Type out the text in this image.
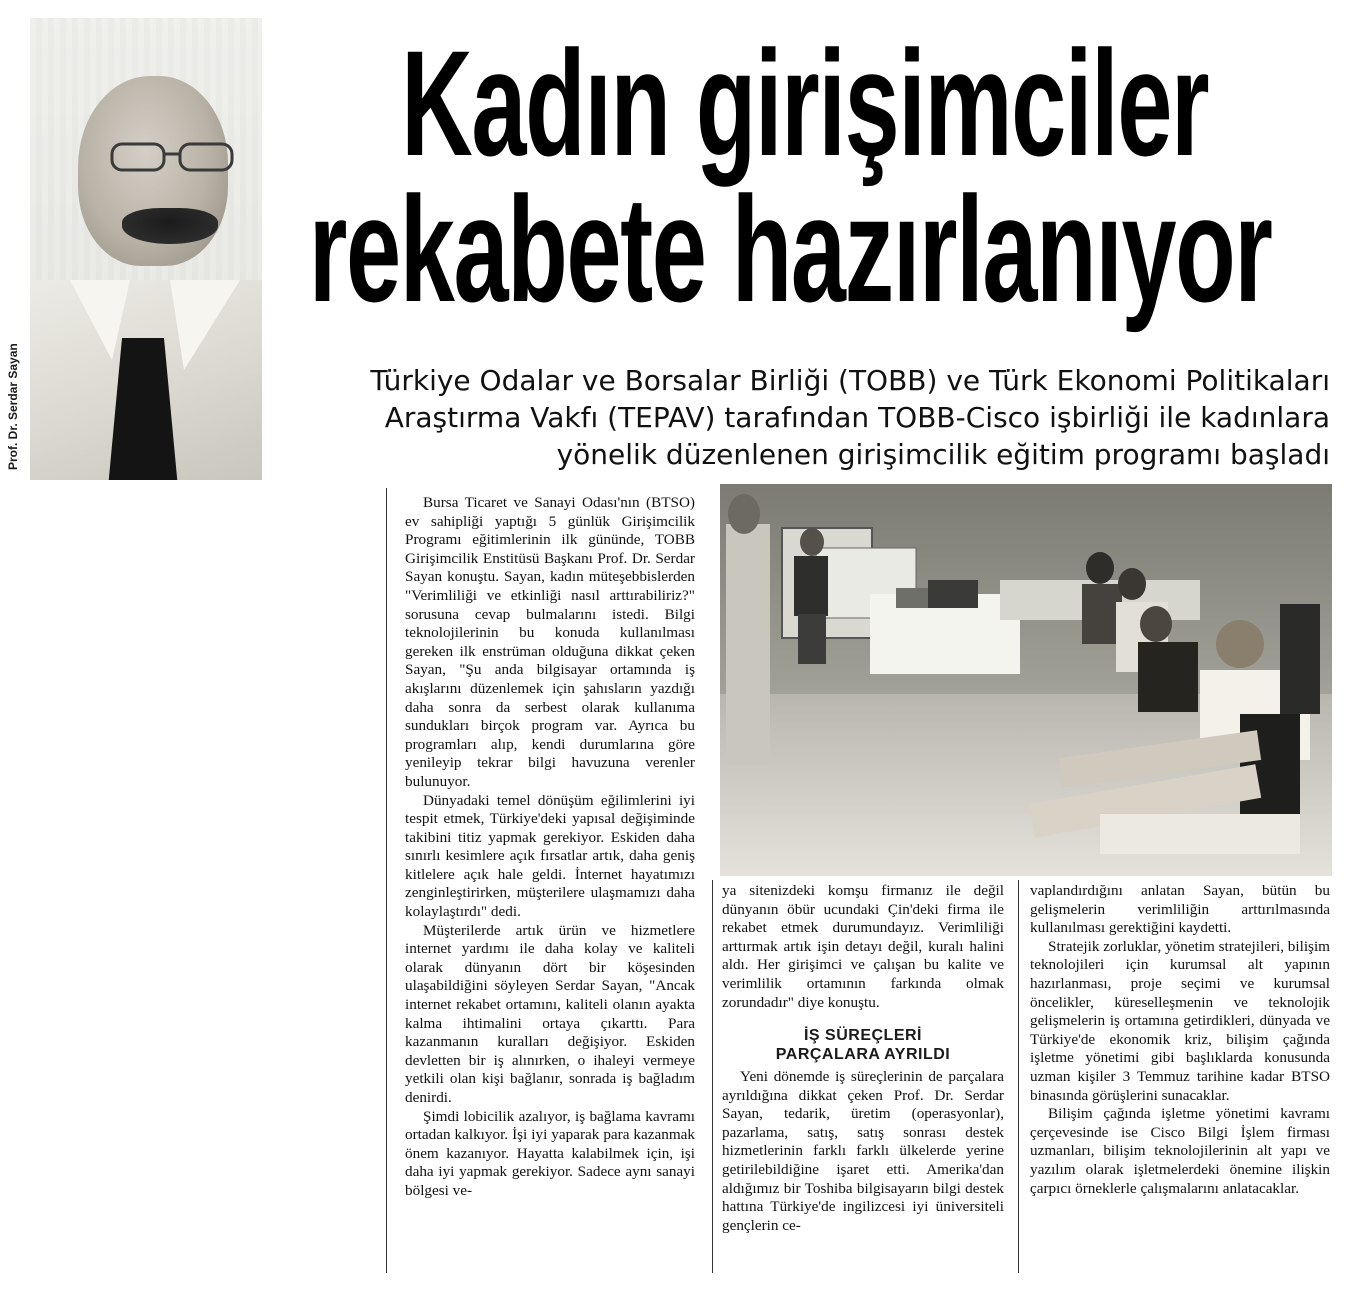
Prof. Dr. Serdar Sayan
Kadın girişimciler
rekabete hazırlanıyor
Türkiye Odalar ve Borsalar Birliği (TOBB) ve Türk Ekonomi Politikaları
Araştırma Vakfı (TEPAV) tarafından TOBB-Cisco işbirliği ile kadınlara
yönelik düzenlenen girişimcilik eğitim programı başladı

Bursa Ticaret ve Sanayi Odası'nın (BTSO) ev sahipliği yaptığı 5 günlük Girişimcilik Programı eğitimlerinin ilk gününde, TOBB Girişimcilik Enstitüsü Başkanı Prof. Dr. Serdar Sayan konuştu. Sayan, kadın müteşebbislerden "Verimliliği ve etkinliği nasıl arttırabiliriz?" sorusuna cevap bulmalarını istedi. Bilgi teknolojilerinin bu konuda kullanılması gereken ilk enstrüman olduğuna dikkat çeken Sayan, "Şu anda bilgisayar ortamında iş akışlarını düzenlemek için şahısların yazdığı daha sonra da serbest olarak kullanıma sundukları birçok program var. Ayrıca bu programları alıp, kendi durumlarına göre yenileyip tekrar bilgi havuzuna verenler bulunuyor.

Dünyadaki temel dönüşüm eğilimlerini iyi tespit etmek, Türkiye'deki yapısal değişiminde takibini titiz yapmak gerekiyor. Eskiden daha sınırlı kesimlere açık fırsatlar artık, daha geniş kitlelere açık hale geldi. İnternet hayatımızı zenginleştirirken, müşterilere ulaşmamızı daha kolaylaştırdı" dedi.

Müşterilerde artık ürün ve hizmetlere internet yardımı ile daha kolay ve kaliteli olarak dünyanın dört bir köşesinden ulaşabildiğini söyleyen Serdar Sayan, "Ancak internet rekabet ortamını, kaliteli olanın ayakta kalma ihtimalini ortaya çıkarttı. Para kazanmanın kuralları değişiyor. Eskiden devletten bir iş alınırken, o ihaleyi vermeye yetkili olan kişi bağlanır, sonrada iş bağladım denirdi.

Şimdi lobicilik azalıyor, iş bağlama kavramı ortadan kalkıyor. İşi iyi yaparak para kazanmak önem kazanıyor. Hayatta kalabilmek için, işi daha iyi yapmak gerekiyor. Sadece aynı sanayi bölgesi ve-

ya sitenizdeki komşu firmanız ile değil dünyanın öbür ucundaki Çin'deki firma ile rekabet etmek durumundayız. Verimliliği arttırmak artık işin detayı değil, kuralı halini aldı. Her girişimci ve çalışan bu kalite ve verimlilik ortamının farkında olmak zorundadır" diye konuştu.

İŞ SÜREÇLERİ
PARÇALARA AYRILDI

Yeni dönemde iş süreçlerinin de parçalara ayrıldığına dikkat çeken Prof. Dr. Serdar Sayan, tedarik, üretim (operasyonlar), pazarlama, satış, satış sonrası destek hizmetlerinin farklı farklı ülkelerde yerine getirilebildiğine işaret etti. Amerika'dan aldığımız bir Toshiba bilgisayarın bilgi destek hattına Türkiye'de ingilizcesi iyi üniversiteli gençlerin ce-

vaplandırdığını anlatan Sayan, bütün bu gelişmelerin verimliliğin arttırılmasında kullanılması gerektiğini kaydetti.

Stratejik zorluklar, yönetim stratejileri, bilişim teknolojileri için kurumsal alt yapının hazırlanması, proje seçimi ve kurumsal öncelikler, küreselleşmenin ve teknolojik gelişmelerin iş ortamına getirdikleri, dünyada ve Türkiye'de ekonomik kriz, bilişim çağında işletme yönetimi gibi başlıklarda konusunda uzman kişiler 3 Temmuz tarihine kadar BTSO binasında görüşlerini sunacaklar.

Bilişim çağında işletme yönetimi kavramı çerçevesinde ise Cisco Bilgi İşlem firması uzmanları, bilişim teknolojilerinin alt yapı ve yazılım olarak işletmelerdeki önemine ilişkin çarpıcı örneklerle çalışmalarını anlatacaklar.
